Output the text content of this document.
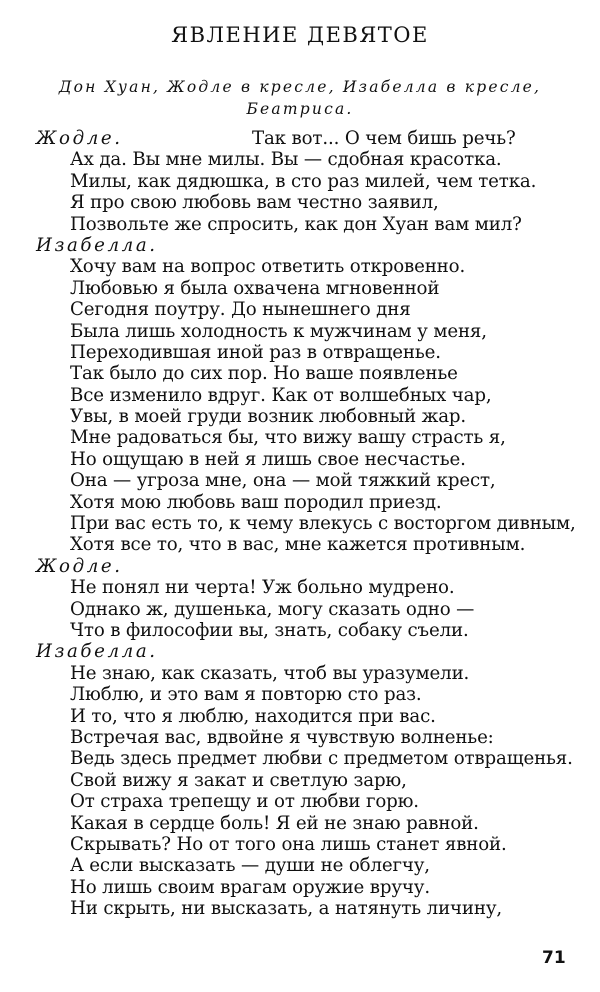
ЯВЛЕНИЕ ДЕВЯТОЕ
Дон Хуан, Жодле в кресле, Изабелла в кресле,
Беатриса.
Жодле.	Так вот... О чем бишь речь?
Ах да. Вы мне милы. Вы — сдобная красотка.
Милы, как дядюшка, в сто раз милей, чем тетка.
Я про свою любовь вам честно заявил,
Позвольте же спросить, как дон Хуан вам мил?
Изабелла.
Хочу вам на вопрос ответить откровенно.
Любовью я была охвачена мгновенной
Сегодня поутру. До нынешнего дня
Была лишь холодность к мужчинам у меня,
Переходившая иной раз в отвращенье.
Так было до сих пор. Но ваше появленье
Все изменило вдруг. Как от волшебных чар,
Увы, в моей груди возник любовный жар.
Мне радоваться бы, что вижу вашу страсть я,
Но ощущаю в ней я лишь свое несчастье.
Она — угроза мне, она — мой тяжкий крест,
Хотя мою любовь ваш породил приезд.
При вас есть то, к чему влекусь с восторгом дивным,
Хотя все то, что в вас, мне кажется противным.
Жодле.
Не понял ни черта! Уж больно мудрено.
Однако ж, душенька, могу сказать одно —
Что в философии вы, знать, собаку съели.
Изабелла.
Не знаю, как сказать, чтоб вы уразумели.
Люблю, и это вам я повторю сто раз.
И то, что я люблю, находится при вас.
Встречая вас, вдвойне я чувствую волненье:
Ведь здесь предмет любви с предметом отвращенья.
Свой вижу я закат и светлую зарю,
От страха трепещу и от любви горю.
Какая в сердце боль! Я ей не знаю равной.
Скрывать? Но от того она лишь станет явной.
А если высказать — души не облегчу,
Но лишь своим врагам оружие вручу.
Ни скрыть, ни высказать, а натянуть личину,
71
